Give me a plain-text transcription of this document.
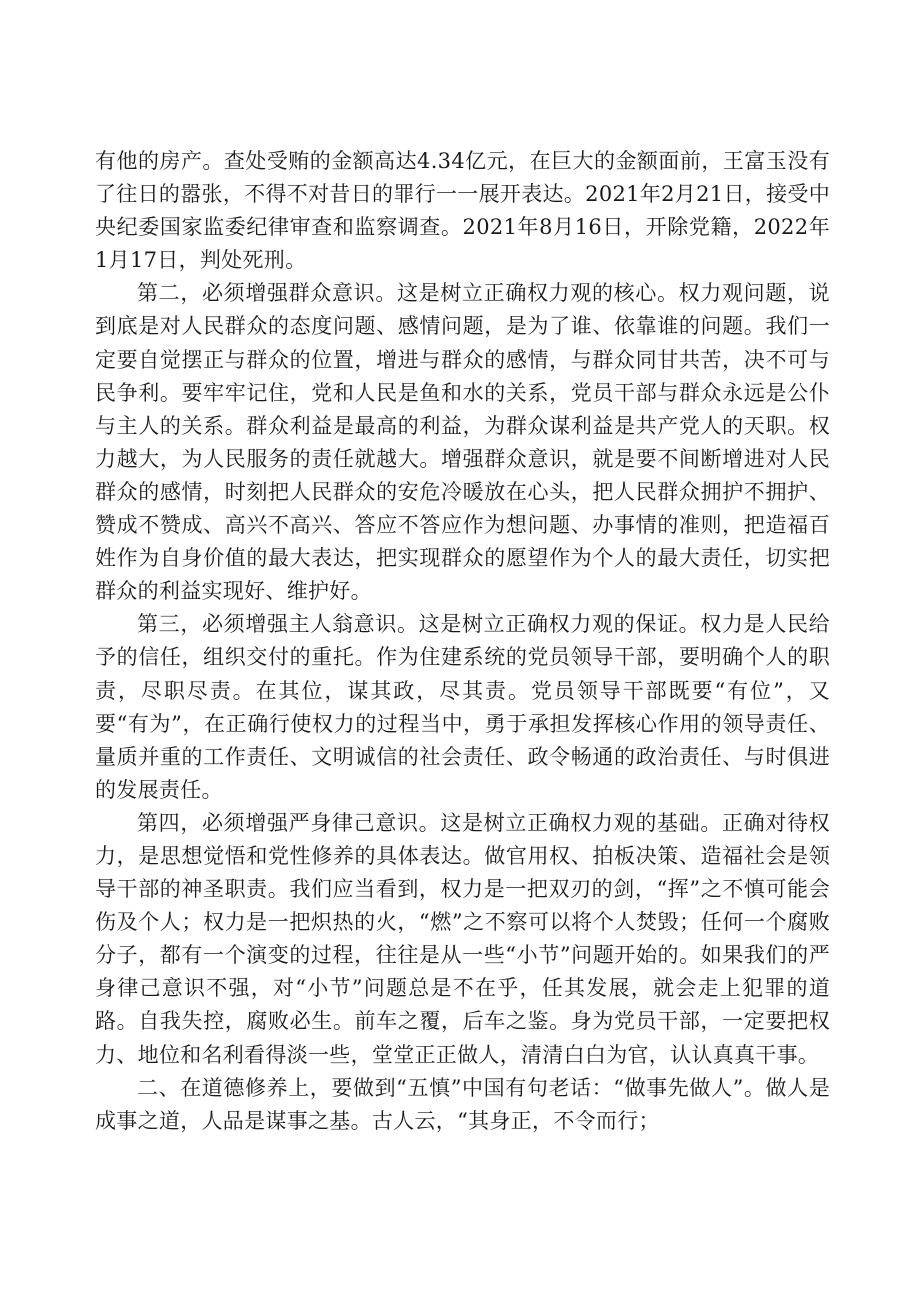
有他的房产。查处受贿的金额高达4.34亿元，在巨大的金额面前，王富玉没有了往日的嚣张，不得不对昔日的罪行一一展开表达。2021年2月21日，接受中央纪委国家监委纪律审查和监察调查。2021年8月16日，开除党籍，2022年1月17日，判处死刑。

第二，必须增强群众意识。这是树立正确权力观的核心。权力观问题，说到底是对人民群众的态度问题、感情问题，是为了谁、依靠谁的问题。我们一定要自觉摆正与群众的位置，增进与群众的感情，与群众同甘共苦，决不可与民争利。要牢牢记住，党和人民是鱼和水的关系，党员干部与群众永远是公仆与主人的关系。群众利益是最高的利益，为群众谋利益是共产党人的天职。权力越大，为人民服务的责任就越大。增强群众意识，就是要不间断增进对人民群众的感情，时刻把人民群众的安危冷暖放在心头，把人民群众拥护不拥护、赞成不赞成、高兴不高兴、答应不答应作为想问题、办事情的准则，把造福百姓作为自身价值的最大表达，把实现群众的愿望作为个人的最大责任，切实把群众的利益实现好、维护好。

第三，必须增强主人翁意识。这是树立正确权力观的保证。权力是人民给予的信任，组织交付的重托。作为住建系统的党员领导干部，要明确个人的职责，尽职尽责。在其位，谋其政，尽其责。党员领导干部既要“有位”，又要“有为”，在正确行使权力的过程当中，勇于承担发挥核心作用的领导责任、量质并重的工作责任、文明诚信的社会责任、政令畅通的政治责任、与时俱进的发展责任。

第四，必须增强严身律己意识。这是树立正确权力观的基础。正确对待权力，是思想觉悟和党性修养的具体表达。做官用权、拍板决策、造福社会是领导干部的神圣职责。我们应当看到，权力是一把双刃的剑，“挥”之不慎可能会伤及个人；权力是一把炽热的火，“燃”之不察可以将个人焚毁；任何一个腐败分子，都有一个演变的过程，往往是从一些“小节”问题开始的。如果我们的严身律己意识不强，对“小节”问题总是不在乎，任其发展，就会走上犯罪的道路。自我失控，腐败必生。前车之覆，后车之鉴。身为党员干部，一定要把权力、地位和名利看得淡一些，堂堂正正做人，清清白白为官，认认真真干事。

二、在道德修养上，要做到“五慎”中国有句老话：“做事先做人”。做人是成事之道，人品是谋事之基。古人云，“其身正，不令而行；
